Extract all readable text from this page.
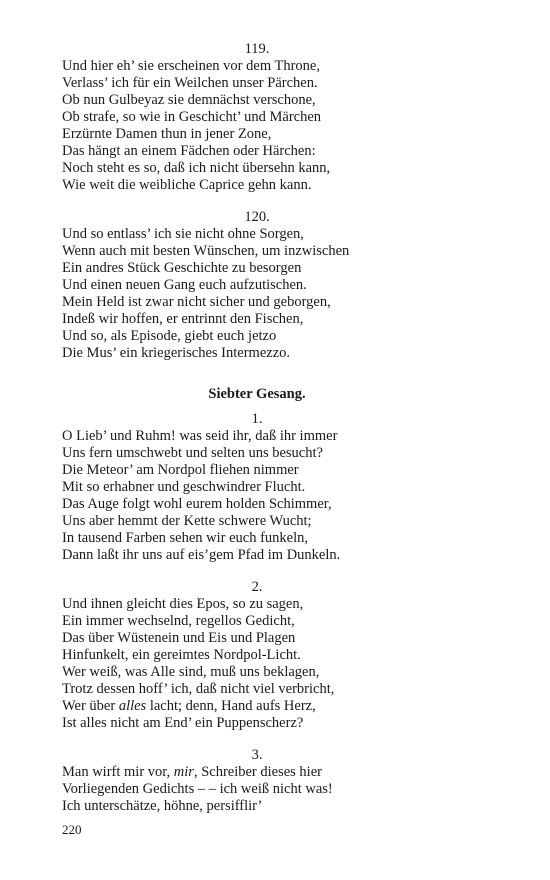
119.
Und hier eh’ sie erscheinen vor dem Throne,
Verlass’ ich für ein Weilchen unser Pärchen.
Ob nun Gulbeyaz sie demnächst verschone,
Ob strafe, so wie in Geschicht’ und Märchen
Erzürnte Damen thun in jener Zone,
Das hängt an einem Fädchen oder Härchen:
Noch steht es so, daß ich nicht übersehn kann,
Wie weit die weibliche Caprice gehn kann.
120.
Und so entlass’ ich sie nicht ohne Sorgen,
Wenn auch mit besten Wünschen, um inzwischen
Ein andres Stück Geschichte zu besorgen
Und einen neuen Gang euch aufzutischen.
Mein Held ist zwar nicht sicher und geborgen,
Indeß wir hoffen, er entrinnt den Fischen,
Und so, als Episode, giebt euch jetzo
Die Mus’ ein kriegerisches Intermezzo.
Siebter Gesang.
1.
O Lieb’ und Ruhm! was seid ihr, daß ihr immer
Uns fern umschwebt und selten uns besucht?
Die Meteor’ am Nordpol fliehen nimmer
Mit so erhabner und geschwindrer Flucht.
Das Auge folgt wohl eurem holden Schimmer,
Uns aber hemmt der Kette schwere Wucht;
In tausend Farben sehen wir euch funkeln,
Dann laßt ihr uns auf eis’gem Pfad im Dunkeln.
2.
Und ihnen gleicht dies Epos, so zu sagen,
Ein immer wechselnd, regellos Gedicht,
Das über Wüstenein und Eis und Plagen
Hinfunkelt, ein gereimtes Nordpol-Licht.
Wer weiß, was Alle sind, muß uns beklagen,
Trotz dessen hoff’ ich, daß nicht viel verbricht,
Wer über alles lacht; denn, Hand aufs Herz,
Ist alles nicht am End’ ein Puppenscherz?
3.
Man wirft mir vor, mir, Schreiber dieses hier
Vorliegenden Gedichts – – ich weiß nicht was!
Ich unterschätze, höhne, persifflir’
220
